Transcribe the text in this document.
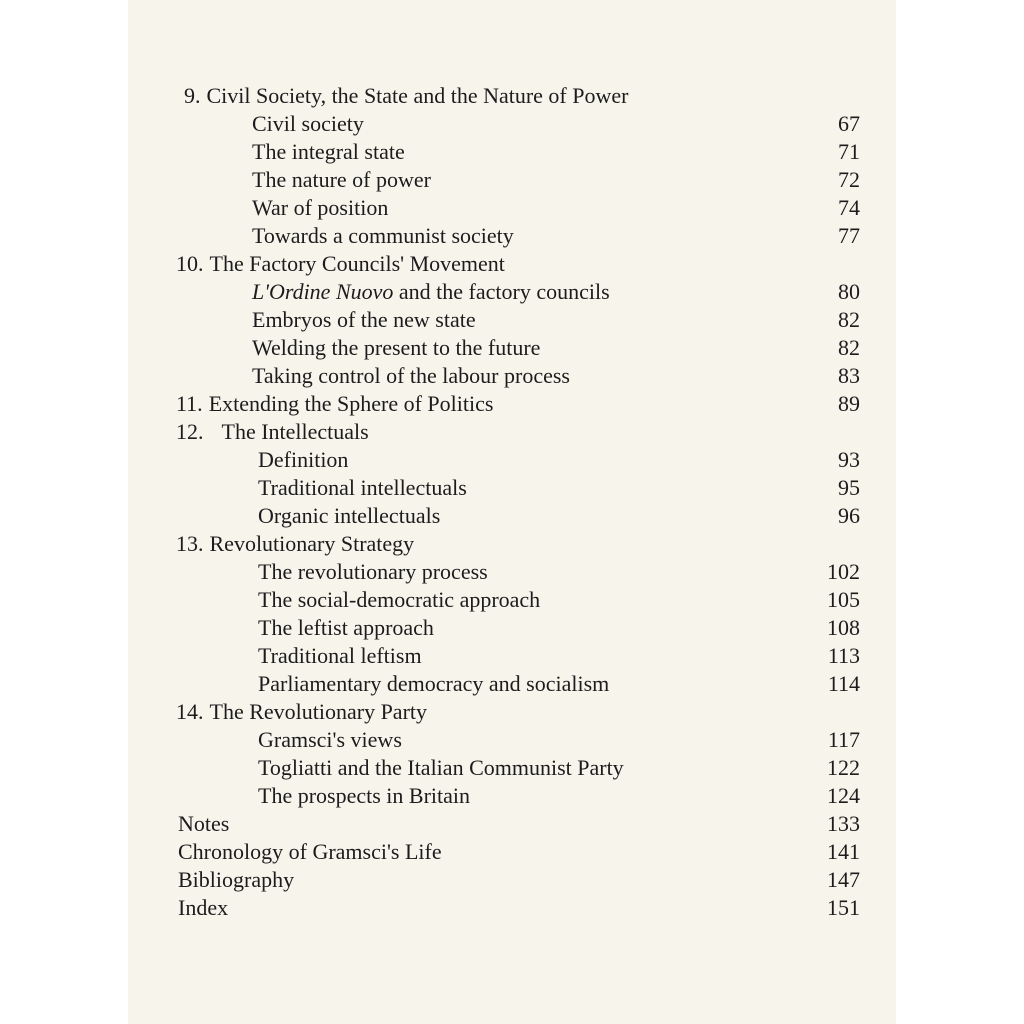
9. Civil Society, the State and the Nature of Power
Civil society	67
The integral state	71
The nature of power	72
War of position	74
Towards a communist society	77
10. The Factory Councils' Movement
L'Ordine Nuovo and the factory councils	80
Embryos of the new state	82
Welding the present to the future	82
Taking control of the labour process	83
11. Extending the Sphere of Politics	89
12. The Intellectuals
Definition	93
Traditional intellectuals	95
Organic intellectuals	96
13. Revolutionary Strategy
The revolutionary process	102
The social-democratic approach	105
The leftist approach	108
Traditional leftism	113
Parliamentary democracy and socialism	114
14. The Revolutionary Party
Gramsci's views	117
Togliatti and the Italian Communist Party	122
The prospects in Britain	124
Notes	133
Chronology of Gramsci's Life	141
Bibliography	147
Index	151
